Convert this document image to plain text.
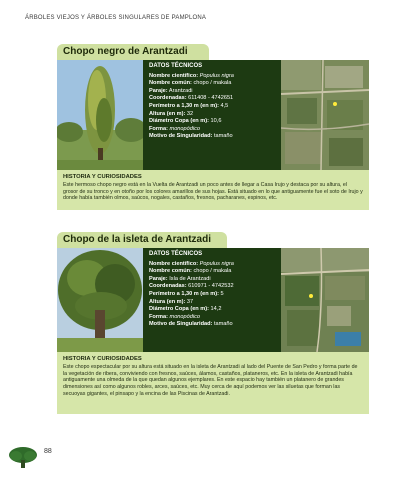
ÁRBOLES VIEJOS Y ÁRBOLES SINGULARES DE PAMPLONA
Chopo negro de Arantzadi
DATOS TÉCNICOS
Nombre científico: Populus nigra
Nombre común: chopo / makala
Paraje: Arantzadi
Coordenadas: 611408 - 4742651
Perímetro a 1,30 m (en m): 4,5
Altura (en m): 32
Diámetro Copa (en m): 10,6
Forma: monopódico
Motivo de Singularidad: tamaño
HISTORIA Y CURIOSIDADES
Este hermoso chopo negro está en la Vuelta de Arantzadi un poco antes de llegar a Casa Irujo y destaca por su altura, el grosor de su tronco y en otoño por los colores amarillos de sus hojas. Está situado en lo que antiguamente fue el soto de Irujo y donde había también olmos, saúcos, nogales, castaños, fresnos, pacharanes, espinos, etc.
Chopo de la isleta de Arantzadi
DATOS TÉCNICOS
Nombre científico: Populus nigra
Nombre común: chopo / makala
Paraje: Isla de Arantzadi
Coordenadas: 610971 - 4742532
Perímetro a 1,30 m (en m): 5
Altura (en m): 37
Diámetro Copa (en m): 14,2
Forma: monopódico
Motivo de Singularidad: tamaño
HISTORIA Y CURIOSIDADES
Este chopo espectacular por su altura está situado en la isleta de Arantzadi al lado del Puente de San Pedro y forma parte de la vegetación de ribera, conviviendo con fresnos, saúces, álamos, castaños, plataneros, etc. En la isleta de Arantzadi había antiguamente una olmeda de la que quedan algunos ejemplares. En este espacio hay también un platanero de grandes dimensiones así como algunos robles, arces, saúces, etc. Muy cerca de aquí podemos ver las siluetas que forman las secuoyas gigantes, el pinsapo y la encina de las Piscinas de Arantzadi.
88
